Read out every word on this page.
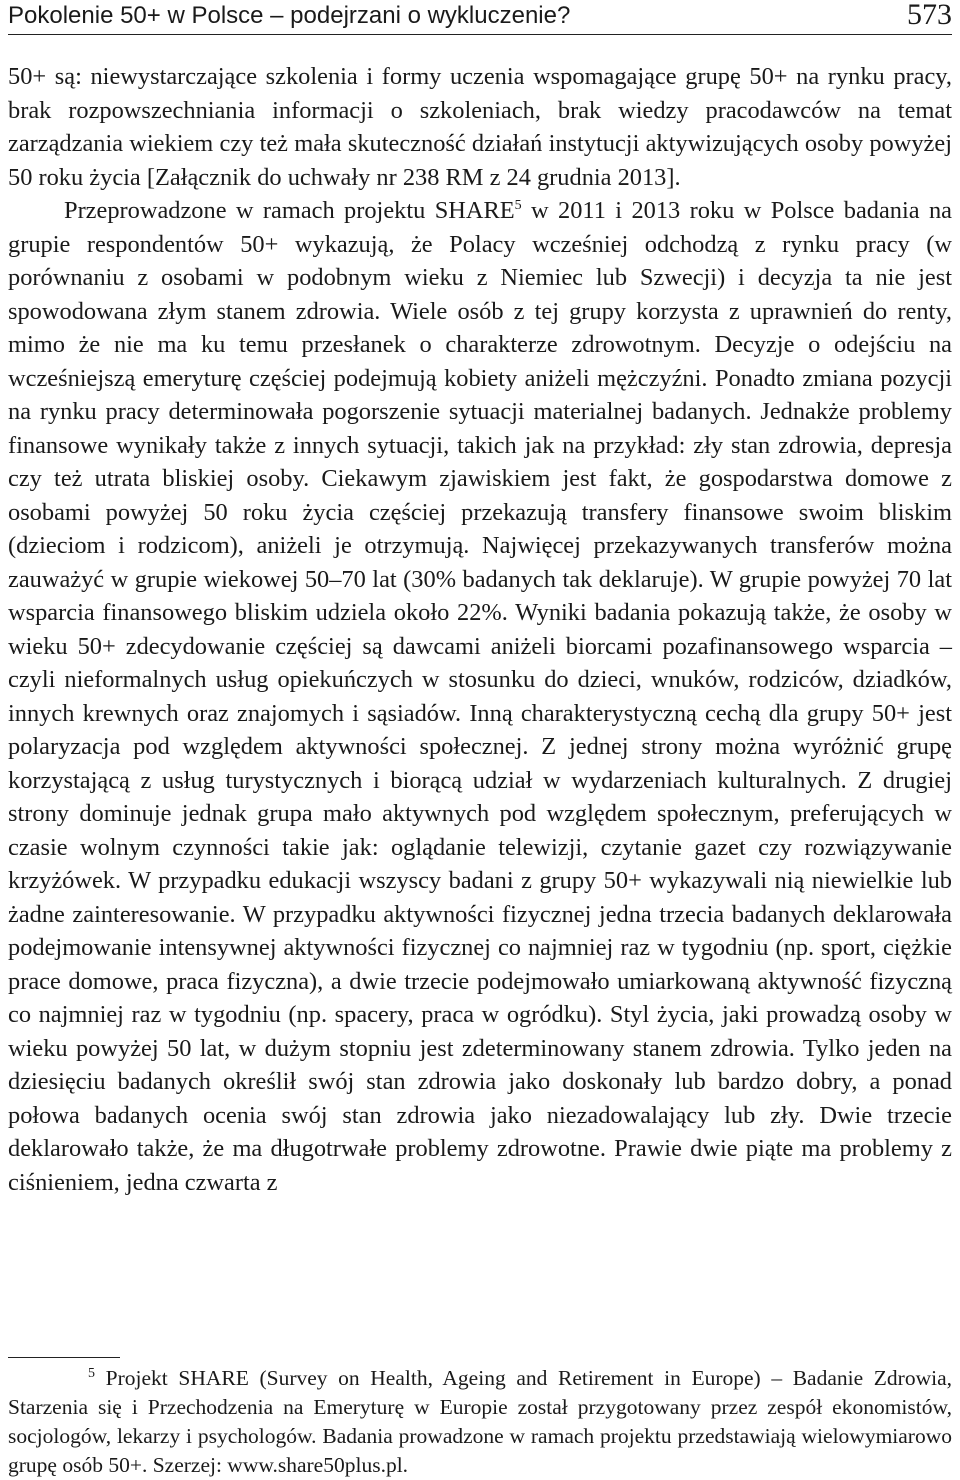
Pokolenie 50+ w Polsce – podejrzani o wykluczenie?	573

50+ są: niewystarczające szkolenia i formy uczenia wspomagające grupę 50+ na rynku pracy, brak rozpowszechniania informacji o szkoleniach, brak wiedzy pracodawców na temat zarządzania wiekiem czy też mała skuteczność działań instytucji aktywizujących osoby powyżej 50 roku życia [Załącznik do uchwały nr 238 RM z 24 grudnia 2013].

Przeprowadzone w ramach projektu SHARE$^5$ w 2011 i 2013 roku w Polsce badania na grupie respondentów 50+ wykazują, że Polacy wcześniej odchodzą z rynku pracy (w porównaniu z osobami w podobnym wieku z Niemiec lub Szwecji) i decyzja ta nie jest spowodowana złym stanem zdrowia. Wiele osób z tej grupy korzysta z uprawnień do renty, mimo że nie ma ku temu przesłanek o charakterze zdrowotnym. Decyzje o odejściu na wcześniejszą emeryturę częściej podejmują kobiety aniżeli mężczyźni. Ponadto zmiana pozycji na rynku pracy determinowała pogorszenie sytuacji materialnej badanych. Jednakże problemy finansowe wynikały także z innych sytuacji, takich jak na przykład: zły stan zdrowia, depresja czy też utrata bliskiej osoby. Ciekawym zjawiskiem jest fakt, że gospodarstwa domowe z osobami powyżej 50 roku życia częściej przekazują transfery finansowe swoim bliskim (dzieciom i rodzicom), aniżeli je otrzymują. Najwięcej przekazywanych transferów można zauważyć w grupie wiekowej 50–70 lat (30% badanych tak deklaruje). W grupie powyżej 70 lat wsparcia finansowego bliskim udziela około 22%. Wyniki badania pokazują także, że osoby w wieku 50+ zdecydowanie częściej są dawcami aniżeli biorcami pozafinansowego wsparcia – czyli nieformalnych usług opiekuńczych w stosunku do dzieci, wnuków, rodziców, dziadków, innych krewnych oraz znajomych i sąsiadów. Inną charakterystyczną cechą dla grupy 50+ jest polaryzacja pod względem aktywności społecznej. Z jednej strony można wyróżnić grupę korzystającą z usług turystycznych i biorącą udział w wydarzeniach kulturalnych. Z drugiej strony dominuje jednak grupa mało aktywnych pod względem społecznym, preferujących w czasie wolnym czynności takie jak: oglądanie telewizji, czytanie gazet czy rozwiązywanie krzyżówek. W przypadku edukacji wszyscy badani z grupy 50+ wykazywali nią niewielkie lub żadne zainteresowanie. W przypadku aktywności fizycznej jedna trzecia badanych deklarowała podejmowanie intensywnej aktywności fizycznej co najmniej raz w tygodniu (np. sport, ciężkie prace domowe, praca fizyczna), a dwie trzecie podejmowało umiarkowaną aktywność fizyczną co najmniej raz w tygodniu (np. spacery, praca w ogródku). Styl życia, jaki prowadzą osoby w wieku powyżej 50 lat, w dużym stopniu jest zdeterminowany stanem zdrowia. Tylko jeden na dziesięciu badanych określił swój stan zdrowia jako doskonały lub bardzo dobry, a ponad połowa badanych ocenia swój stan zdrowia jako niezadowalający lub zły. Dwie trzecie deklarowało także, że ma długotrwałe problemy zdrowotne. Prawie dwie piąte ma problemy z ciśnieniem, jedna czwarta z

$^5$ Projekt SHARE (Survey on Health, Ageing and Retirement in Europe) – Badanie Zdrowia, Starzenia się i Przechodzenia na Emeryturę w Europie został przygotowany przez zespół ekonomistów, socjologów, lekarzy i psychologów. Badania prowadzone w ramach projektu przedstawiają wielowymiarowo grupę osób 50+. Szerzej: www.share50plus.pl.
